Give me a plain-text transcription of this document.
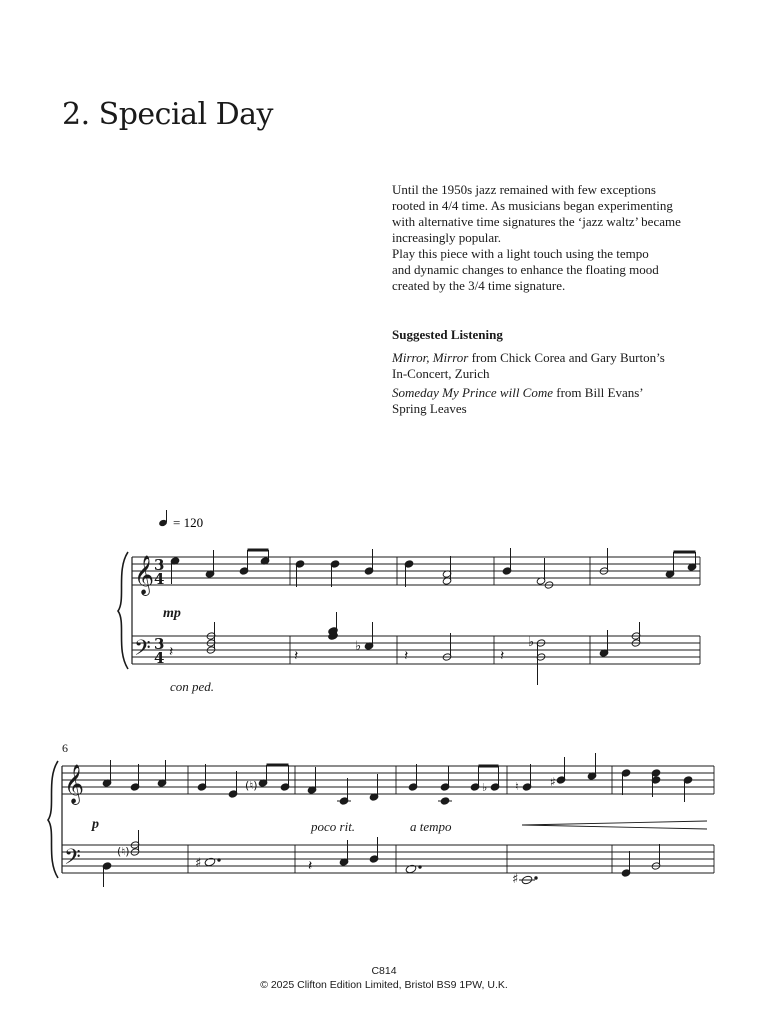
2. Special Day

Until the 1950s jazz remained with few exceptions

rooted in 4/4 time. As musicians began experimenting

with alternative time signatures the ‘jazz waltz’ became

increasingly popular.

Play this piece with a light touch using the tempo

and dynamic changes to enhance the floating mood

created by the 3/4 time signature.

Suggested Listening
Mirror, Mirror from Chick Corea and Gary Burton’s
In-Concert, Zurich
Someday My Prince will Come from Bill Evans’
Spring Leaves
= 120
𝄞
𝄢
3
4
3
4 𝄽	𝄽
♭
𝄽	𝄽
♭
mp
con ped.
6
𝄞
𝄢
(♮)	♭	♮	♯
(♮)
♯	𝄽
♯
p	poco rit.	a tempo
C814
© 2025 Clifton Edition Limited, Bristol BS9 1PW, U.K.
